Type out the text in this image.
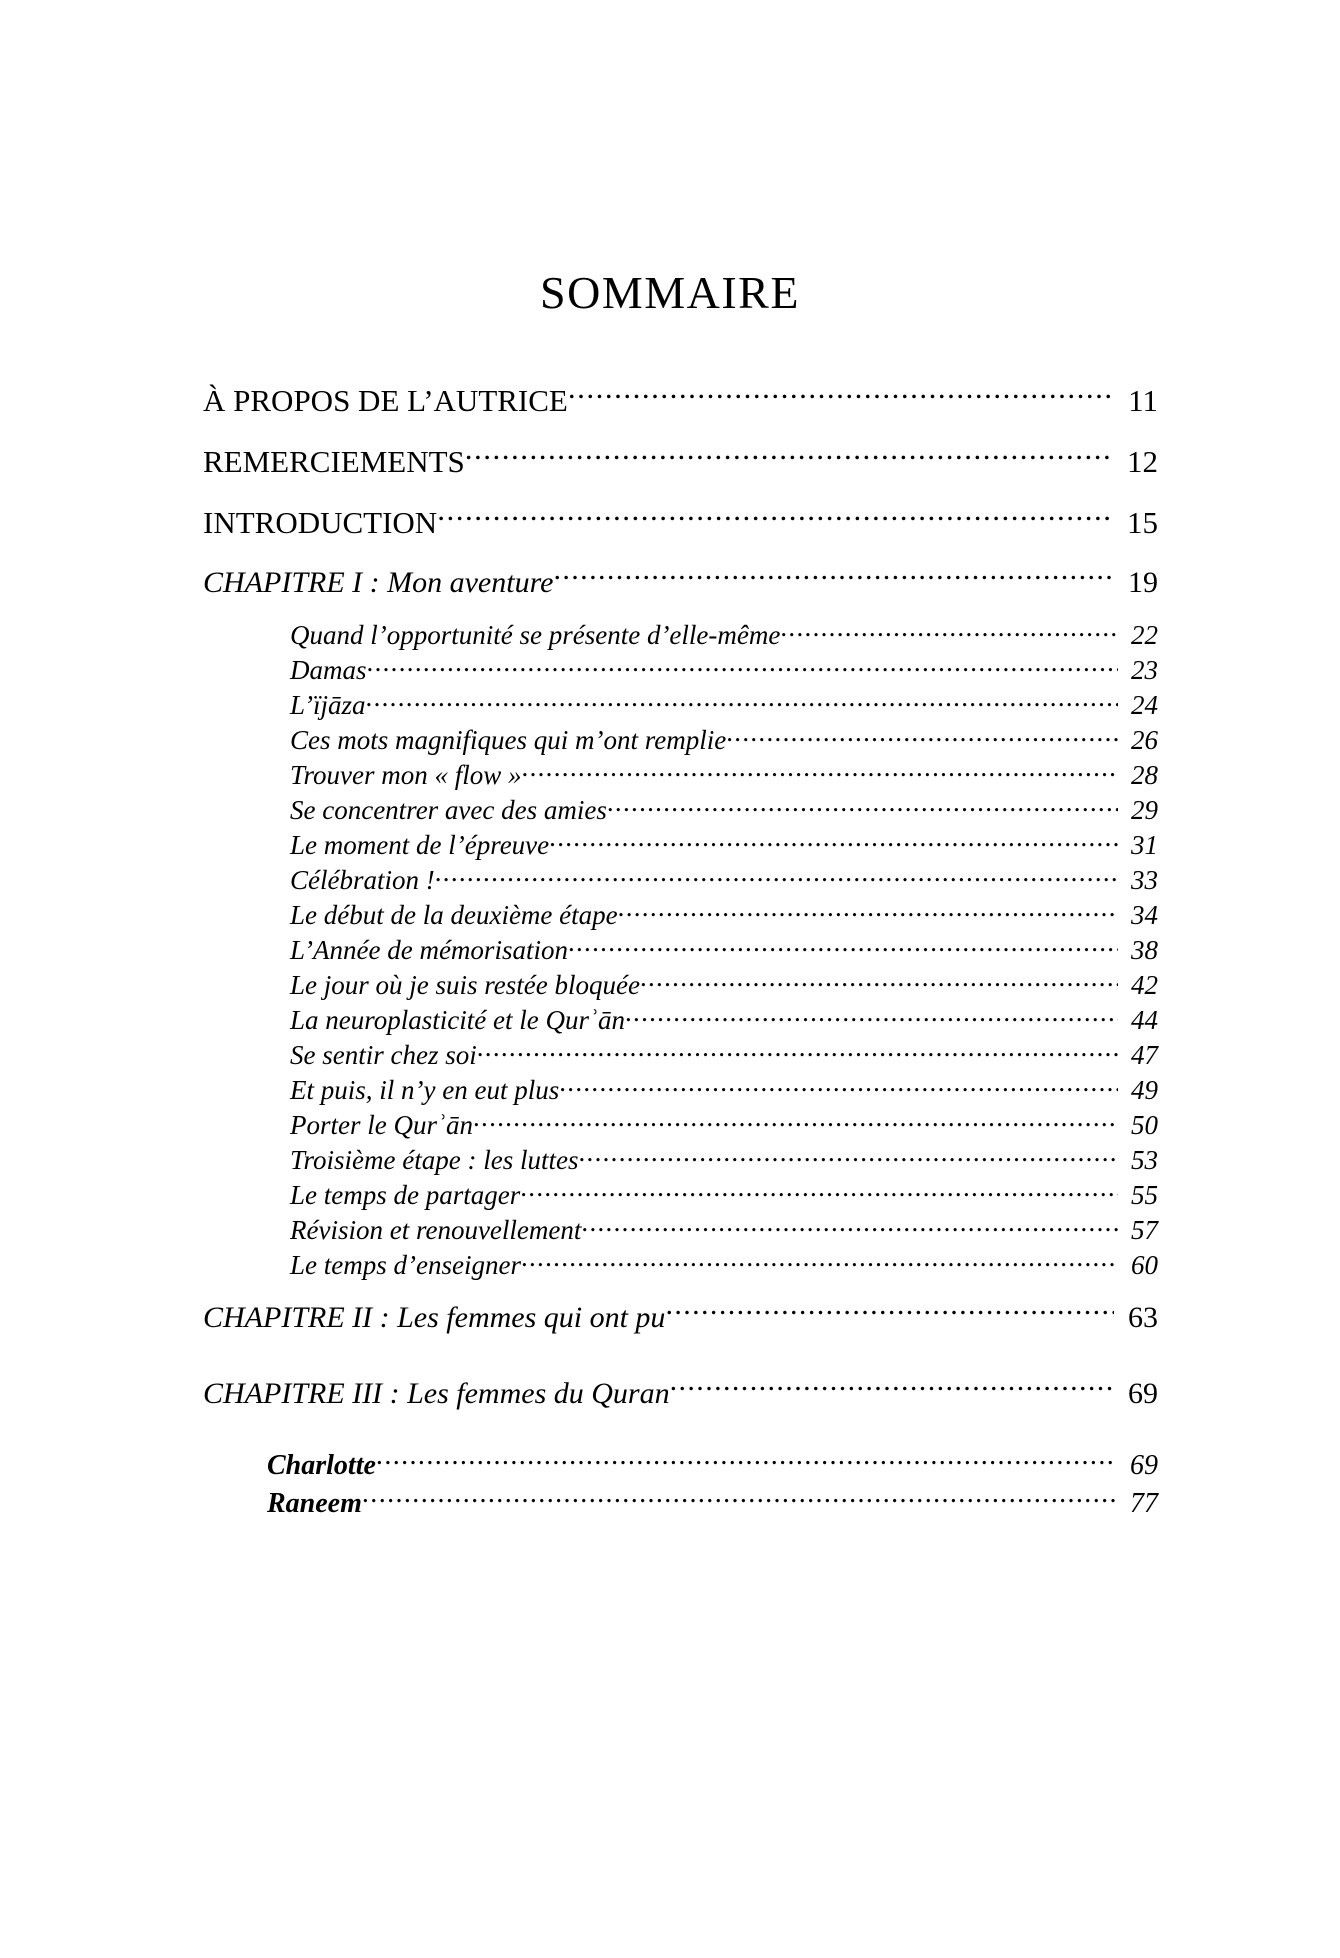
SOMMAIRE
À PROPOS DE L’AUTRICE .....	11
REMERCIEMENTS .....	12
INTRODUCTION .....	15
CHAPITRE I : Mon aventure .....	19
Quand l’opportunité se présente d’elle-même .....	22
Damas .....	23
L’ïjāza .....	24
Ces mots magnifiques qui m’ont remplie .....	26
Trouver mon « flow » .....	28
Se concentrer avec des amies .....	29
Le moment de l’épreuve .....	31
Célébration ! .....	33
Le début de la deuxième étape .....	34
L’Année de mémorisation .....	38
Le jour où je suis restée bloquée .....	42
La neuroplasticité et le Qurʾān .....	44
Se sentir chez soi .....	47
Et puis, il n’y en eut plus .....	49
Porter le Qurʾān .....	50
Troisième étape : les luttes .....	53
Le temps de partager .....	55
Révision et renouvellement .....	57
Le temps d’enseigner .....	60
CHAPITRE II : Les femmes qui ont pu .....	63
CHAPITRE III : Les femmes du Quran .....	69
Charlotte .....	69
Raneem .....	77
